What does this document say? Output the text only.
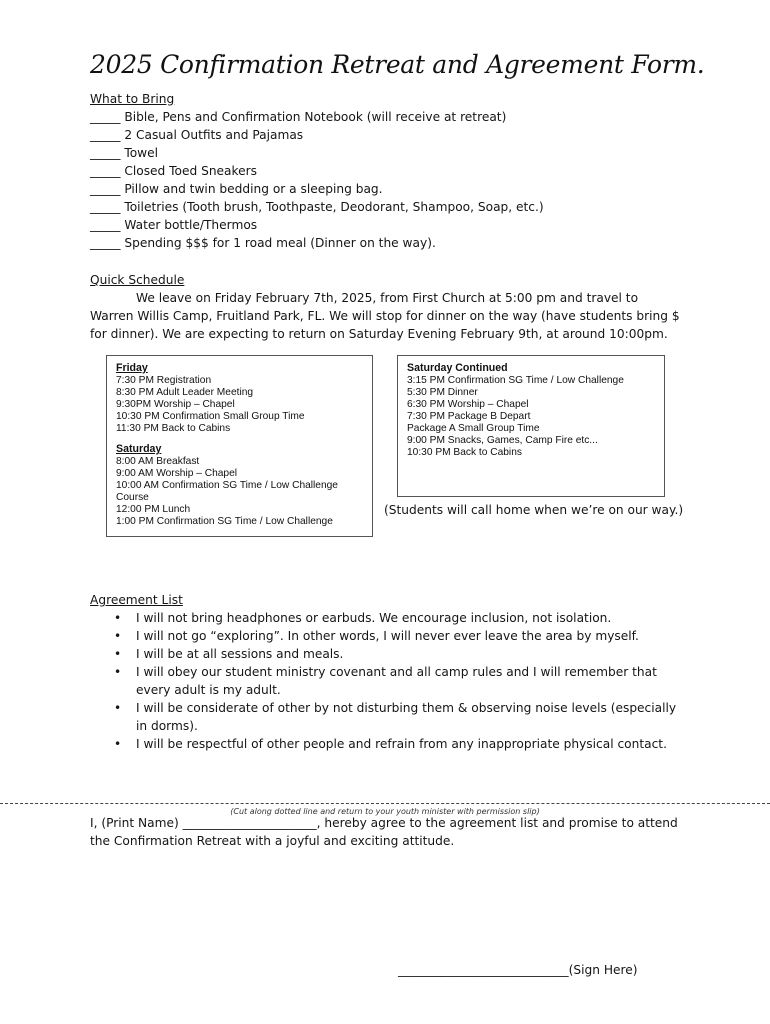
2025 Confirmation Retreat and Agreement Form.
What to Bring
_____ Bible, Pens and Confirmation Notebook (will receive at retreat)
_____ 2 Casual Outfits and Pajamas
_____ Towel
_____ Closed Toed Sneakers
_____ Pillow and twin bedding or a sleeping bag.
_____ Toiletries (Tooth brush, Toothpaste, Deodorant, Shampoo, Soap, etc.)
_____ Water bottle/Thermos
_____ Spending $$$ for 1 road meal (Dinner on the way).
Quick Schedule
We leave on Friday February 7th, 2025, from First Church at 5:00 pm and travel to Warren Willis Camp, Fruitland Park, FL. We will stop for dinner on the way (have students bring $ for dinner). We are expecting to return on Saturday Evening February 9th, at around 10:00pm.
Friday
7:30 PM Registration
8:30 PM Adult Leader Meeting
9:30PM Worship – Chapel
10:30 PM Confirmation Small Group Time
11:30 PM Back to Cabins
Saturday
8:00 AM Breakfast
9:00 AM Worship – Chapel
10:00 AM Confirmation SG Time / Low Challenge
Course
12:00 PM Lunch
1:00 PM Confirmation SG Time / Low Challenge
Saturday Continued
3:15 PM Confirmation SG Time / Low Challenge
5:30 PM Dinner
6:30 PM Worship – Chapel
7:30 PM Package B Depart
Package A Small Group Time
9:00 PM Snacks, Games, Camp Fire etc...
10:30 PM Back to Cabins
(Students will call home when we’re on our way.)
Agreement List
• I will not bring headphones or earbuds. We encourage inclusion, not isolation.
• I will not go “exploring”. In other words, I will never ever leave the area by myself.
• I will be at all sessions and meals.
• I will obey our student ministry covenant and all camp rules and I will remember that every adult is my adult.
• I will be considerate of other by not disturbing them & observing noise levels (especially in dorms).
• I will be respectful of other people and refrain from any inappropriate physical contact.
(Cut along dotted line and return to your youth minister with permission slip)
I, (Print Name) ______________________, hereby agree to the agreement list and promise to attend the Confirmation Retreat with a joyful and exciting attitude.
____________________________(Sign Here)
